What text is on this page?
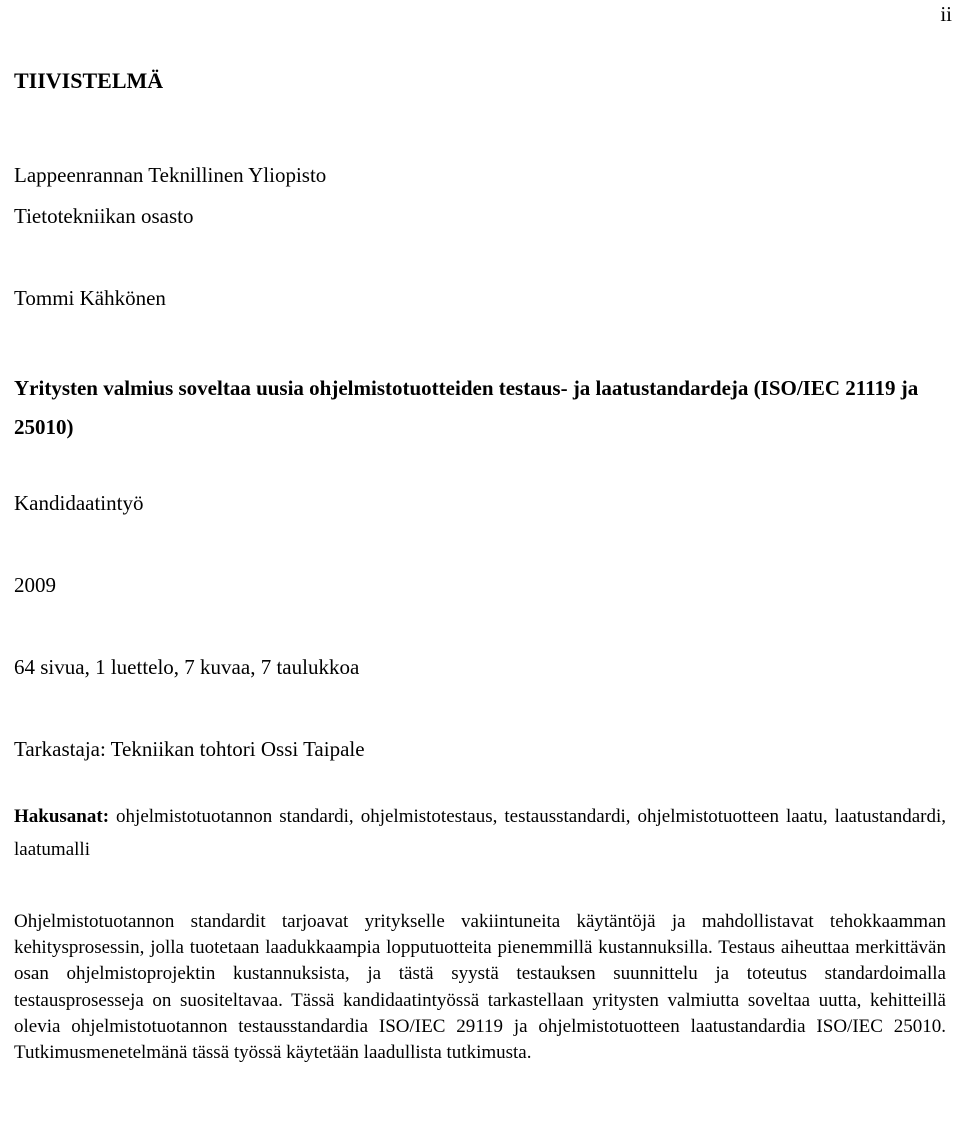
ii
TIIVISTELMÄ

Lappeenrannan Teknillinen Yliopisto

Tietotekniikan osasto

Tommi Kähkönen

Yritysten valmius soveltaa uusia ohjelmistotuotteiden testaus- ja laatustandardeja (ISO/IEC 21119 ja 25010)

Kandidaatintyö

2009

64 sivua, 1 luettelo, 7 kuvaa, 7 taulukkoa

Tarkastaja: Tekniikan tohtori Ossi Taipale

Hakusanat: ohjelmistotuotannon standardi, ohjelmistotestaus, testausstandardi, ohjelmistotuotteen laatu, laatustandardi, laatumalli

Ohjelmistotuotannon standardit tarjoavat yritykselle vakiintuneita käytäntöjä ja mahdollistavat tehokkaamman kehitysprosessin, jolla tuotetaan laadukkaampia lopputuotteita pienemmillä kustannuksilla. Testaus aiheuttaa merkittävän osan ohjelmistoprojektin kustannuksista, ja tästä syystä testauksen suunnittelu ja toteutus standardoimalla testausprosesseja on suositeltavaa. Tässä kandidaatintyössä tarkastellaan yritysten valmiutta soveltaa uutta, kehitteillä olevia ohjelmistotuotannon testausstandardia ISO/IEC 29119 ja ohjelmistotuotteen laatustandardia ISO/IEC 25010. Tutkimusmenetelmänä tässä työssä käytetään laadullista tutkimusta.
